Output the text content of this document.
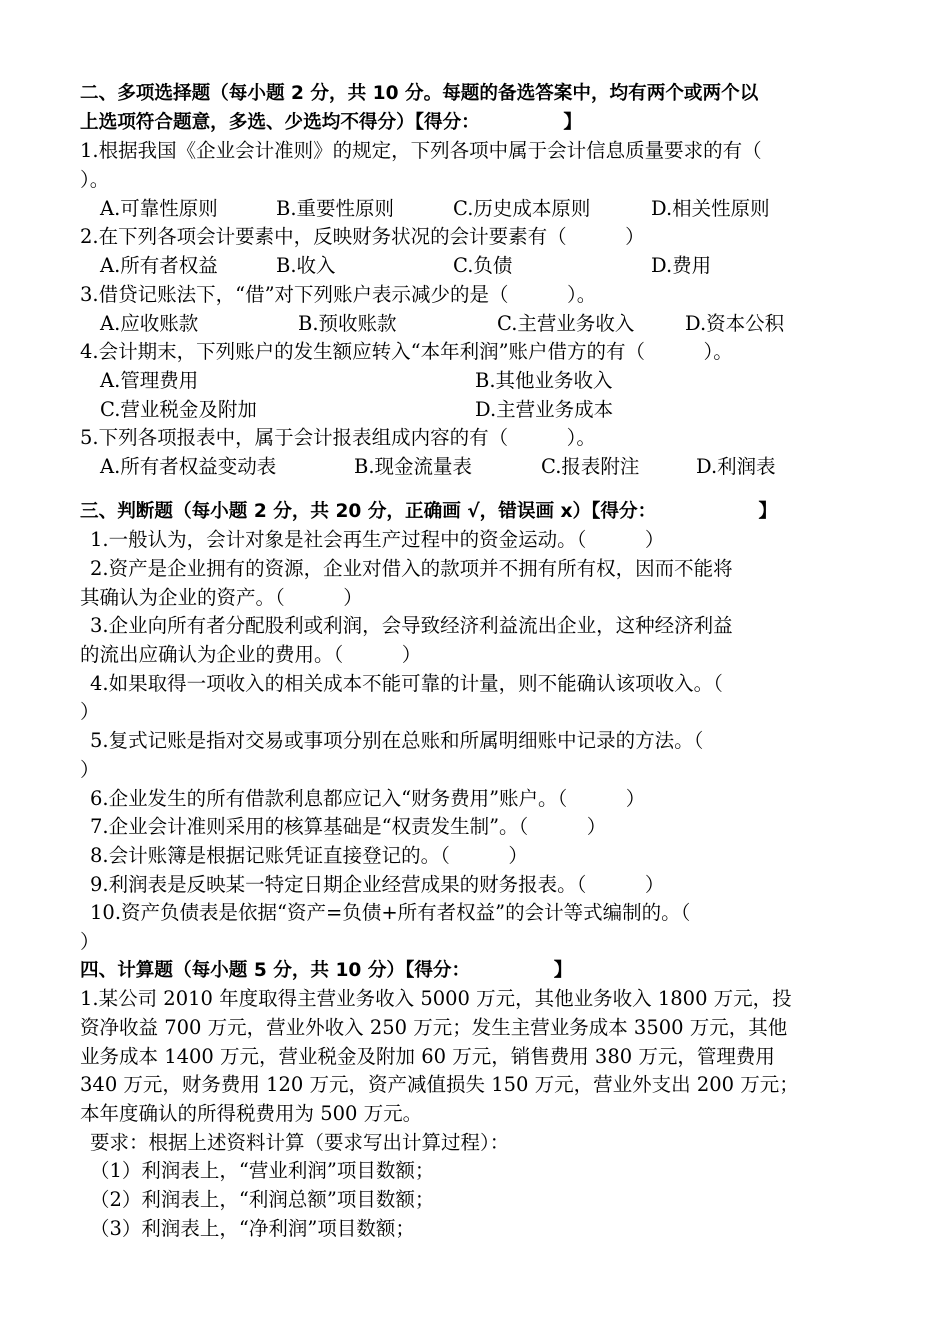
二、多项选择题（每小题 2 分，共 10 分。每题的备选答案中，均有两个或两个以
上选项符合题意，多选、少选均不得分）【得分：　　　　　】
1.根据我国《企业会计准则》的规定，下列各项中属于会计信息质量要求的有（
）。
A.可靠性原则	B.重要性原则	C.历史成本原则	D.相关性原则
2.在下列各项会计要素中，反映财务状况的会计要素有（　　　）
A.所有者权益	B.收入	C.负债	D.费用
3.借贷记账法下，“借”对下列账户表示减少的是（　　　）。
A.应收账款	B.预收账款	C.主营业务收入	D.资本公积
4.会计期末，下列账户的发生额应转入“本年利润”账户借方的有（　　　）。
A.管理费用	B.其他业务收入
C.营业税金及附加	D.主营业务成本
5.下列各项报表中，属于会计报表组成内容的有（　　　）。
A.所有者权益变动表	B.现金流量表	C.报表附注	D.利润表
三、判断题（每小题 2 分，共 20 分，正确画 √，错误画 x）【得分：　　　　　　】
1.一般认为，会计对象是社会再生产过程中的资金运动。（　　　）
2.资产是企业拥有的资源，企业对借入的款项并不拥有所有权，因而不能将
其确认为企业的资产。（　　　）
3.企业向所有者分配股利或利润，会导致经济利益流出企业，这种经济利益
的流出应确认为企业的费用。（　　　）
4.如果取得一项收入的相关成本不能可靠的计量，则不能确认该项收入。（
）
5.复式记账是指对交易或事项分别在总账和所属明细账中记录的方法。（
）
6.企业发生的所有借款利息都应记入“财务费用”账户。（　　　）
7.企业会计准则采用的核算基础是“权责发生制”。（　　　）
8.会计账簿是根据记账凭证直接登记的。（　　　）
9.利润表是反映某一特定日期企业经营成果的财务报表。（　　　）
10.资产负债表是依据“资产=负债+所有者权益”的会计等式编制的。（
）
四、计算题（每小题 5 分，共 10 分）【得分：　　　　　】
1.某公司 2010 年度取得主营业务收入 5000 万元，其他业务收入 1800 万元，投
资净收益 700 万元，营业外收入 250 万元；发生主营业务成本 3500 万元，其他
业务成本 1400 万元，营业税金及附加 60 万元，销售费用 380 万元，管理费用
340 万元，财务费用 120 万元，资产减值损失 150 万元，营业外支出 200 万元；
本年度确认的所得税费用为 500 万元。
要求：根据上述资料计算（要求写出计算过程）：
（1）利润表上，“营业利润”项目数额；
（2）利润表上，“利润总额”项目数额；
（3）利润表上，“净利润”项目数额；
